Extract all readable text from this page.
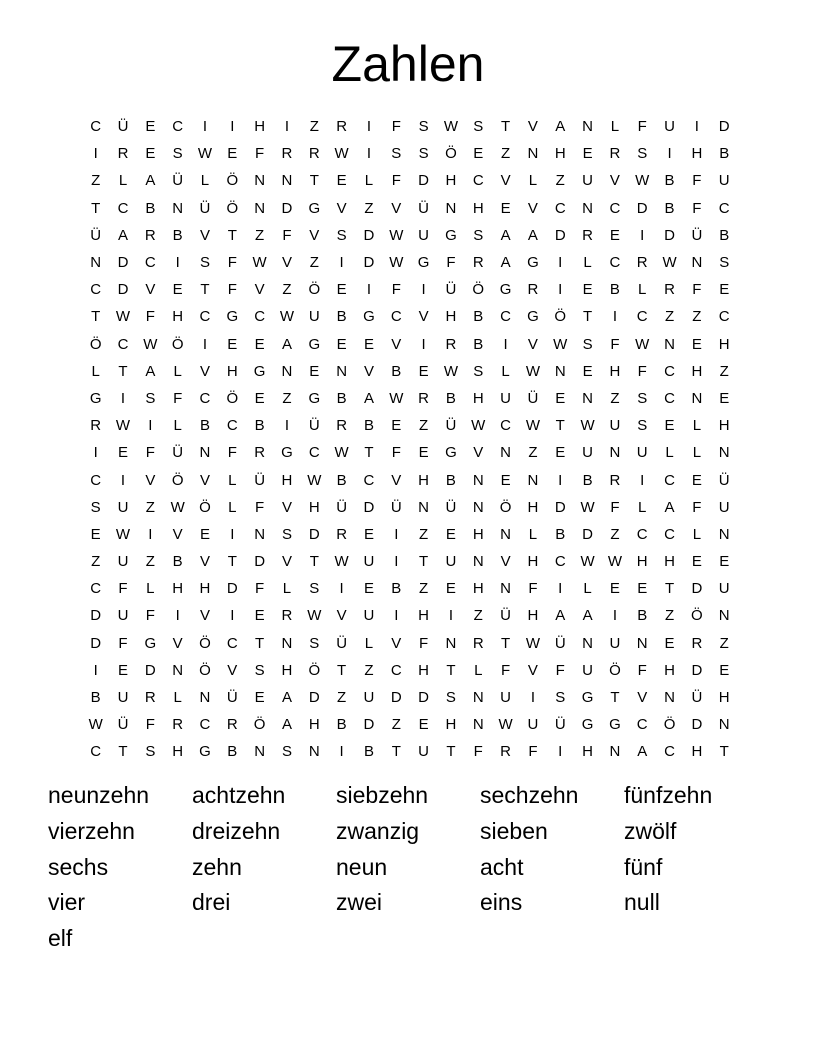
Zahlen
C	Ü	E	C	I	I	H	I	Z	R	I	F	S	W	S	T	V	A	N	L	F	U	I	D
I	R	E	S	W	E	F	R	R W	I	S	S	Ö	E	Z	N	H	E	R	S	I	H	B
Z	L	A	Ü	L	Ö	N	N	T	E	L	F	D	H	C	V	L	Z	U	V	W	B	F	U
T	C	B	N	Ü	Ö	N	D	G	V	Z	V	Ü	N	H	E	V	C	N	C	D	B	F	C
Ü	A	R	B	V	T	Z	F	V	S	D W U	G	S	A	A	D	R	E	I	D	Ü	B
N	D	C	I	S	F	W	V	Z	I	D W G	F	R	A	G	I	L	C	R W N	S
C	D	V	E	T	F	V	Z	Ö	E	I	F	I	Ü	Ö	G	R	I	E	B	L	R	F	E
T	W	F	H	C	G	C W U	B	G	C	V	H	B	C	G	Ö	T	I	C	Z	Z	C
Ö	C W Ö	I	E	E	A	G	E	E	V	I	R	B	I	V	W	S	F	W N	E	H
L	T	A	L	V	H	G	N	E	N	V	B	E	W	S	L	W N	E	H	F	C	H	Z
G	I	S	F	C	Ö	E	Z	G	B	A	W R	B	H	U	Ü	E	N	Z	S	C	N	E
R W	I	L	B	C	B	I	Ü	R	B	E	Z	Ü W C W	T	W U	S	E	L	H
I	E	F	Ü	N	F	R	G	C W	T	F	E	G	V	N	Z	E	U	N	U	L	L	N
C	I	V	Ö	V	L	Ü	H W	B	C	V	H	B	N	E	N	I	B	R	I	C	E	Ü
S	U	Z	W Ö	L	F	V	H	Ü	D	Ü	N	Ü	N	Ö	H	D W	F	L	A	F	U
E	W	I	V	E	I	N	S	D	R	E	I	Z	E	H	N	L	B	D	Z	C	C	L	N
Z	U	Z	B	V	T	D	V	T	W U	I	T	U	N	V	H	C W W H	H	E	E
C	F	L	H	H	D	F	L	S	I	E	B	Z	E	H	N	F	I	L	E	E	T	D	U
D	U	F	I	V	I	E	R W	V	U	I	H	I	Z	Ü	H	A	A	I	B	Z	Ö	N
D	F	G	V	Ö	C	T	N	S	Ü	L	V	F	N	R	T	W Ü	N	U	N	E	R	Z
I	E	D	N	Ö	V	S	H	Ö	T	Z	C	H	T	L	F	V	F	U	Ö	F	H	D	E
B	U	R	L	N	Ü	E	A	D	Z	U	D	D	S	N	U	I	S	G	T	V	N	Ü	H
W Ü	F	R	C	R	Ö	A	H	B	D	Z	E	H	N W U	Ü	G	G	C	Ö	D	N
C	T	S	H	G	B	N	S	N	I	B	T	U	T	F	R	F	I	H	N	A	C	H	T
neunzehn	achtzehn	siebzehn	sechzehn	fünfzehn
vierzehn	dreizehn	zwanzig	sieben	zwölf
sechs	zehn	neun	acht	fünf
vier	drei	zwei	eins	null
elf
